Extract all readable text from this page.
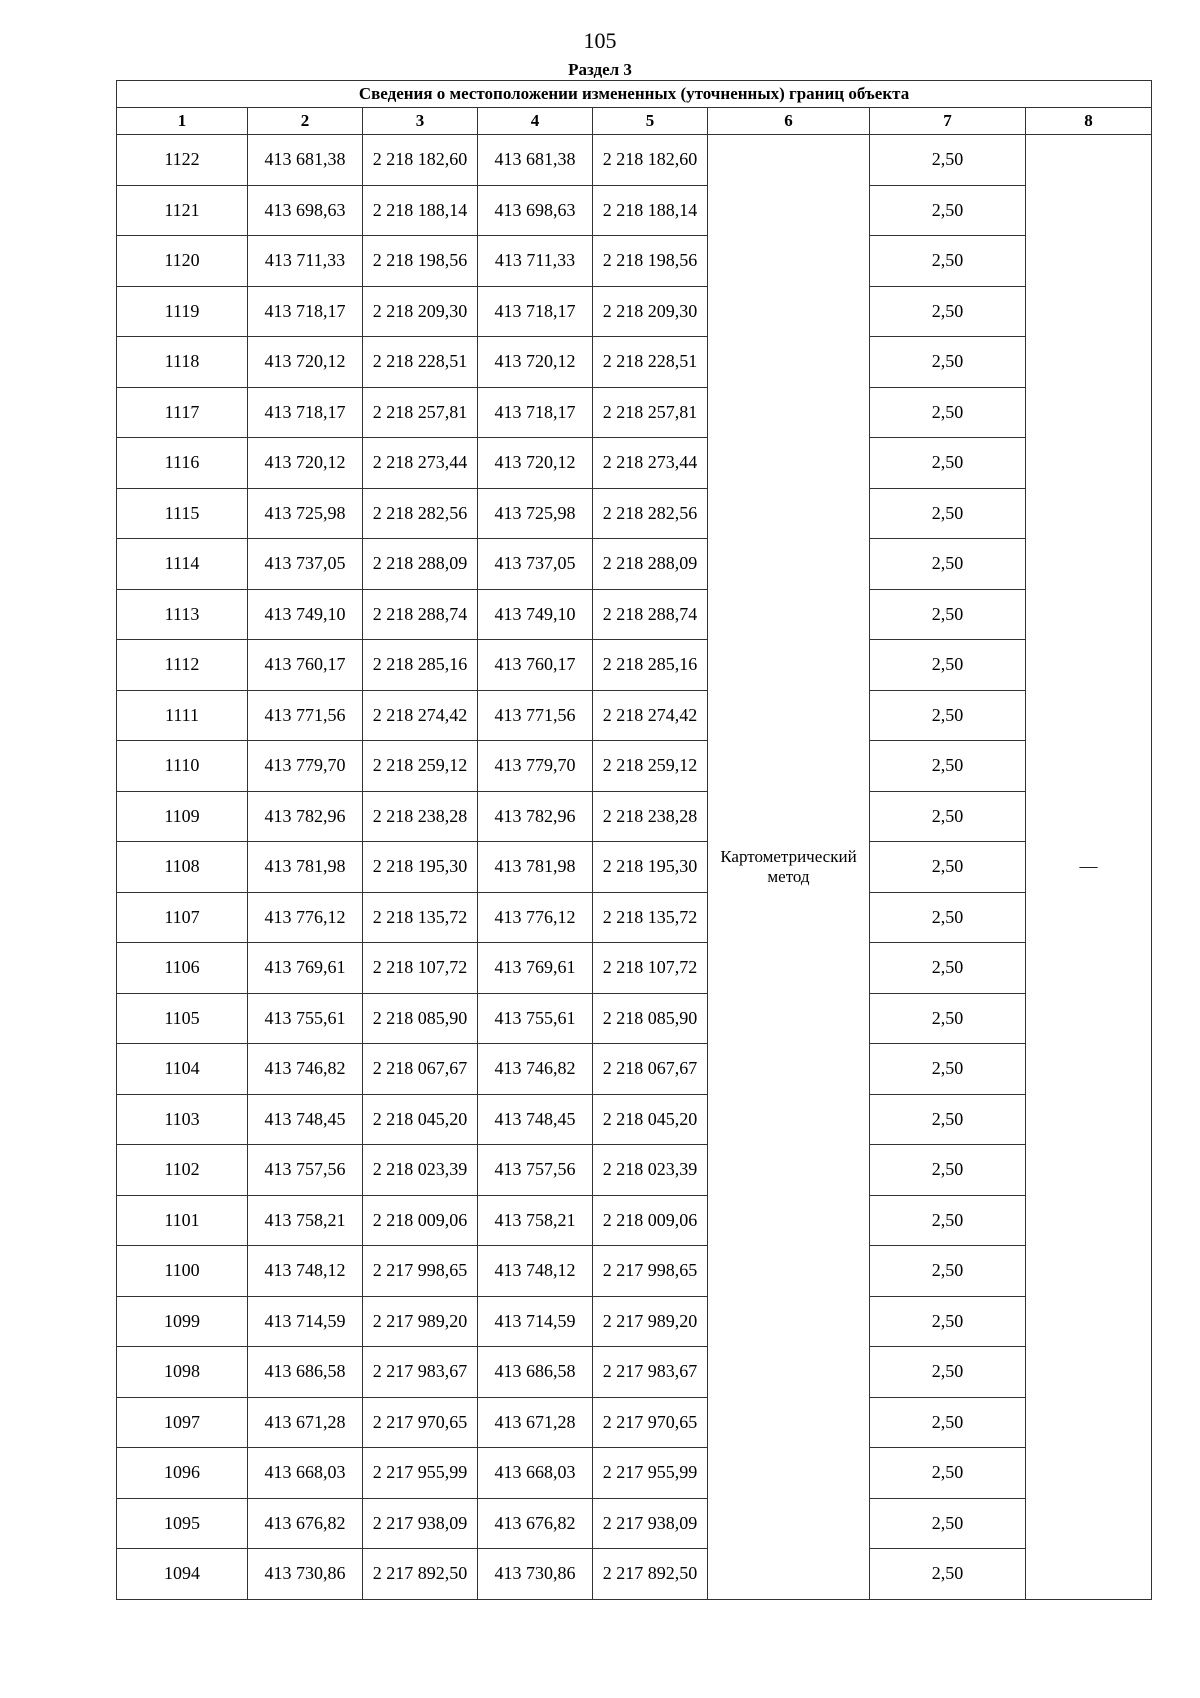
105
Раздел 3
Сведения о местоположении измененных (уточненных) границ объекта							
1	2	3	4	5	6	7	8
1122	413 681,38	2 218 182,60	413 681,38	2 218 182,60	Картометрический метод	2,50	—
1121	413 698,63	2 218 188,14	413 698,63	2 218 188,14		2,50	
1120	413 711,33	2 218 198,56	413 711,33	2 218 198,56		2,50	
1119	413 718,17	2 218 209,30	413 718,17	2 218 209,30		2,50	
1118	413 720,12	2 218 228,51	413 720,12	2 218 228,51		2,50	
1117	413 718,17	2 218 257,81	413 718,17	2 218 257,81		2,50	
1116	413 720,12	2 218 273,44	413 720,12	2 218 273,44		2,50	
1115	413 725,98	2 218 282,56	413 725,98	2 218 282,56		2,50	
1114	413 737,05	2 218 288,09	413 737,05	2 218 288,09		2,50	
1113	413 749,10	2 218 288,74	413 749,10	2 218 288,74		2,50	
1112	413 760,17	2 218 285,16	413 760,17	2 218 285,16		2,50	
1111	413 771,56	2 218 274,42	413 771,56	2 218 274,42		2,50	
1110	413 779,70	2 218 259,12	413 779,70	2 218 259,12		2,50	
1109	413 782,96	2 218 238,28	413 782,96	2 218 238,28		2,50	
1108	413 781,98	2 218 195,30	413 781,98	2 218 195,30		2,50	
1107	413 776,12	2 218 135,72	413 776,12	2 218 135,72		2,50	
1106	413 769,61	2 218 107,72	413 769,61	2 218 107,72		2,50	
1105	413 755,61	2 218 085,90	413 755,61	2 218 085,90		2,50	
1104	413 746,82	2 218 067,67	413 746,82	2 218 067,67		2,50	
1103	413 748,45	2 218 045,20	413 748,45	2 218 045,20		2,50	
1102	413 757,56	2 218 023,39	413 757,56	2 218 023,39		2,50	
1101	413 758,21	2 218 009,06	413 758,21	2 218 009,06		2,50	
1100	413 748,12	2 217 998,65	413 748,12	2 217 998,65		2,50	
1099	413 714,59	2 217 989,20	413 714,59	2 217 989,20		2,50	
1098	413 686,58	2 217 983,67	413 686,58	2 217 983,67		2,50	
1097	413 671,28	2 217 970,65	413 671,28	2 217 970,65		2,50	
1096	413 668,03	2 217 955,99	413 668,03	2 217 955,99		2,50	
1095	413 676,82	2 217 938,09	413 676,82	2 217 938,09		2,50	
1094	413 730,86	2 217 892,50	413 730,86	2 217 892,50		2,50	
